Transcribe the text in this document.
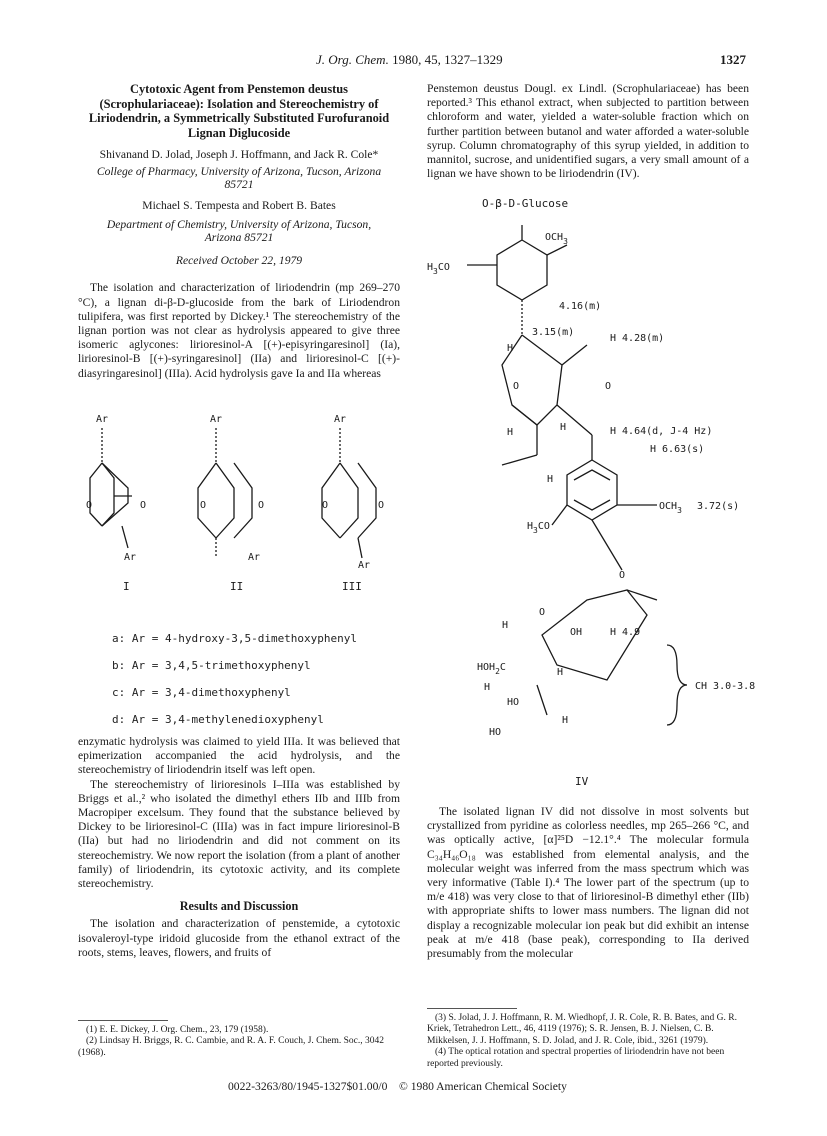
J. Org. Chem. 1980, 45, 1327–1329	1327
Cytotoxic Agent from Penstemon deustus (Scrophulariaceae): Isolation and Stereochemistry of Liriodendrin, a Symmetrically Substituted Furofuranoid Lignan Diglucoside
Shivanand D. Jolad, Joseph J. Hoffmann, and Jack R. Cole*
College of Pharmacy, University of Arizona, Tucson, Arizona 85721
Michael S. Tempesta and Robert B. Bates
Department of Chemistry, University of Arizona, Tucson, Arizona 85721
Received October 22, 1979

The isolation and characterization of liriodendrin (mp 269–270 °C), a lignan di-β-D-glucoside from the bark of Liriodendron tulipifera, was first reported by Dickey.¹ The stereochemistry of the lignan portion was not clear as hydrolysis appeared to give three isomeric aglycones: lirioresinol-A [(+)-episyringaresinol] (Ia), lirioresinol-B [(+)-syringaresinol] (IIa) and lirioresinol-C [(+)-diasyringaresinol] (IIIa). Acid hydrolysis gave Ia and IIa whereas

O	O	O	O	O	O
Ar	Ar	Ar
Ar	Ar
Ar
I	II	III
a: Ar = 4-hydroxy-3,5-dimethoxyphenyl
b: Ar = 3,4,5-trimethoxyphenyl
c: Ar = 3,4-dimethoxyphenyl
d: Ar = 3,4-methylenedioxyphenyl

enzymatic hydrolysis was claimed to yield IIIa. It was believed that epimerization accompanied the acid hydrolysis, and the stereochemistry of liriodendrin itself was left open.

The stereochemistry of lirioresinols I–IIIa was established by Briggs et al.,² who isolated the dimethyl ethers IIb and IIIb from Macropiper excelsum. They found that the substance believed by Dickey to be lirioresinol-C (IIIa) was in fact impure lirioresinol-B (IIa) but had no liriodendrin and did not comment on its stereochemistry. We now report the isolation (from a plant of another family) of liriodendrin, its cytotoxic activity, and its complete stereochemistry.

Results and Discussion

The isolation and characterization of penstemide, a cytotoxic isovaleroyl-type iridoid glucoside from the ethanol extract of the roots, stems, leaves, flowers, and fruits of

(1) E. E. Dickey, J. Org. Chem., 23, 179 (1958).

(2) Lindsay H. Briggs, R. C. Cambie, and R. A. F. Couch, J. Chem. Soc., 3042 (1968).

Penstemon deustus Dougl. ex Lindl. (Scrophulariaceae) has been reported.³ This ethanol extract, when subjected to partition between chloroform and water, yielded a water-soluble fraction which on further partition between butanol and water afforded a water-soluble syrup. Column chromatography of this syrup yielded, in addition to mannitol, sucrose, and unidentified sugars, a very small amount of a lignan we have shown to be liriodendrin (IV).

O-β-D-Glucose
$OCH_3$
$H_3CO$
4.16(m)
3.15(m)
H 4.28(m)
H
O	O
H	H	H 4.64(d, J-4 Hz)
H 6.63(s)
H
$OCH_3$ 3.72(s)
$H_3CO$
O
O
H
OH	H 4.9
$HOH_2C$	H
H
HO
H
HO
CH 3.0-3.8
IV

The isolated lignan IV did not dissolve in most solvents but crystallized from pyridine as colorless needles, mp 265–266 °C, and was optically active, [α]²⁵D −12.1°.⁴ The molecular formula C₃₄H₄₆O₁₈ was established from elemental analysis, and the molecular weight was inferred from the mass spectrum which was very informative (Table I).⁴ The lower part of the spectrum (up to m/e 418) was very close to that of lirioresinol-B dimethyl ether (IIb) with appropriate shifts to lower mass numbers. The lignan did not display a recognizable molecular ion peak but did exhibit an intense peak at m/e 418 (base peak), corresponding to IIa derived presumably from the molecular

(3) S. Jolad, J. J. Hoffmann, R. M. Wiedhopf, J. R. Cole, R. B. Bates, and G. R. Kriek, Tetrahedron Lett., 46, 4119 (1976); S. R. Jensen, B. J. Nielsen, C. B. Mikkelsen, J. J. Hoffmann, S. D. Jolad, and J. R. Cole, ibid., 3261 (1979).

(4) The optical rotation and spectral properties of liriodendrin have not been reported previously.

0022-3263/80/1945-1327$01.00/0 © 1980 American Chemical Society
